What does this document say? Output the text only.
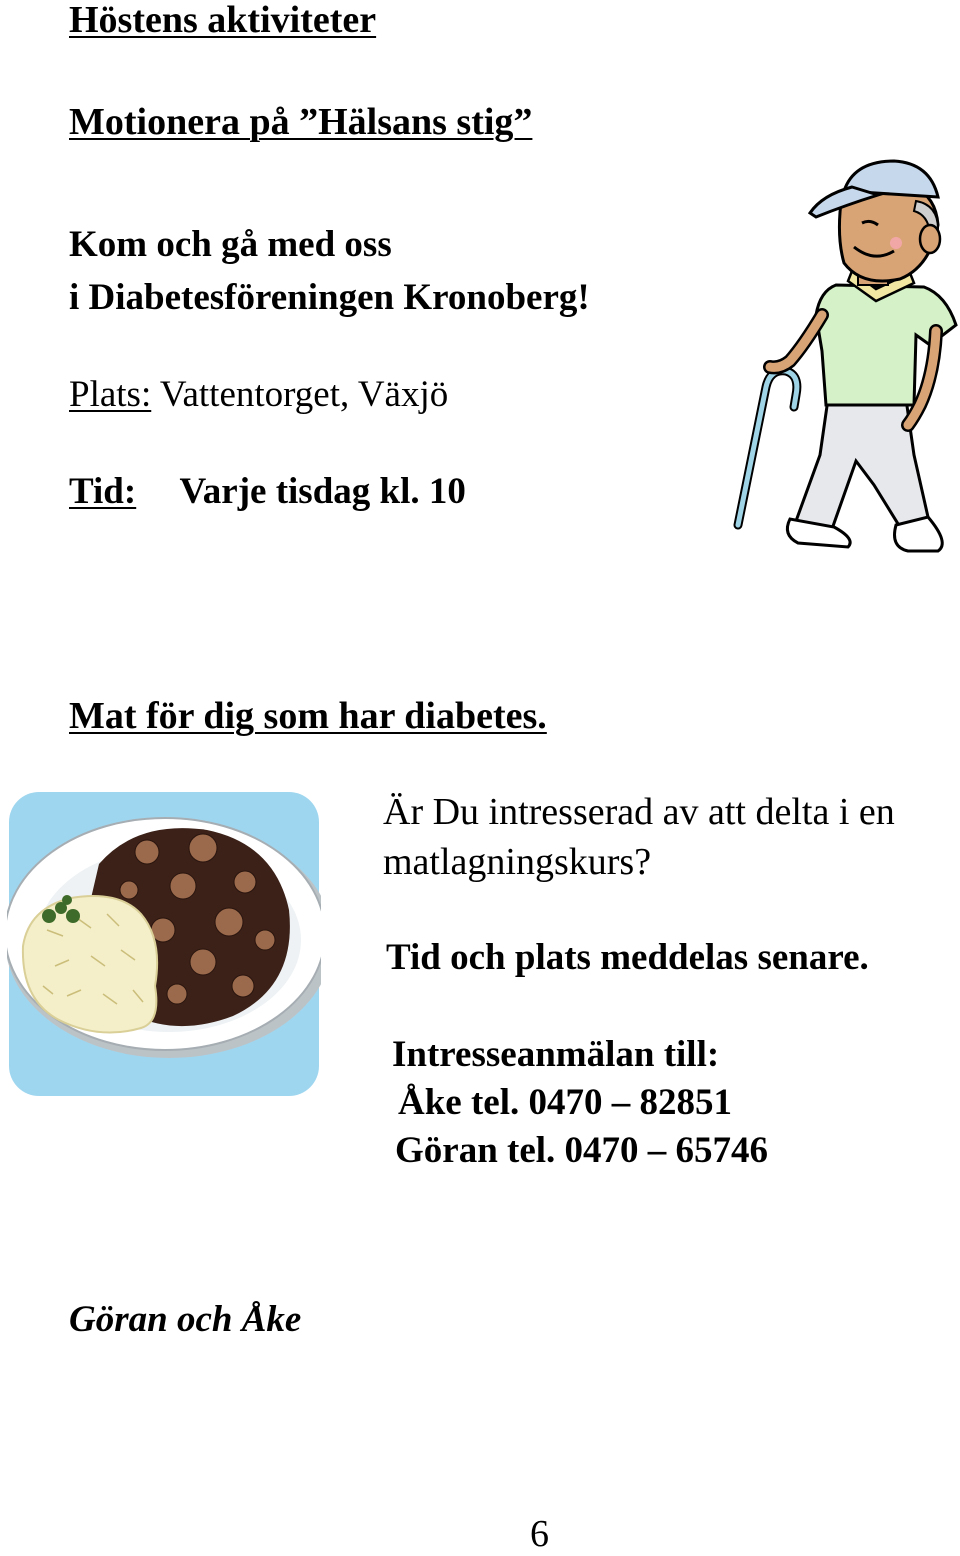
Höstens aktiviteter
Motionera på ”Hälsans stig”
Kom och gå med oss
i Diabetesföreningen Kronoberg!
Plats: Vattentorget, Växjö
Tid: Varje tisdag kl. 10
Mat för dig som har diabetes.
Är Du intresserad av att delta i en
matlagningskurs?
Tid och plats meddelas senare.
Intresseanmälan till:
Åke tel. 0470 – 82851
Göran tel. 0470 – 65746
Göran och Åke
6
